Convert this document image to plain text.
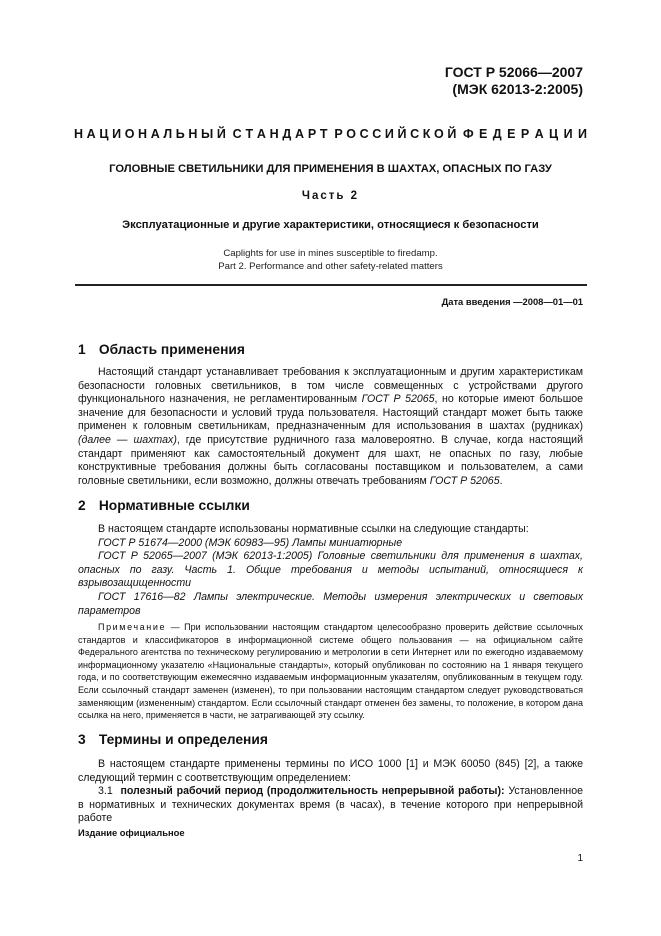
ГОСТ Р 52066—2007
(МЭК 62013-2:2005)
Н А Ц И О Н А Л Ь Н Ы Й С Т А Н Д А Р Т Р О С С И Й С К О Й Ф Е Д Е Р А Ц И И
ГОЛОВНЫЕ СВЕТИЛЬНИКИ ДЛЯ ПРИМЕНЕНИЯ В ШАХТАХ, ОПАСНЫХ ПО ГАЗУ
Часть 2
Эксплуатационные и другие характеристики, относящиеся к безопасности
Caplights for use in mines susceptible to firedamp.
Part 2. Performance and other safety-related matters
Дата введения —2008—01—01
1 Область применения

Настоящий стандарт устанавливает требования к эксплуатационным и другим характеристикам безопасности головных светильников, в том числе совмещенных с устройствами другого функционального назначения, не регламентированным ГОСТ Р 52065, но которые имеют большое значение для безопасности и условий труда пользователя. Настоящий стандарт может быть также применен к головным светильникам, предназначенным для использования в шахтах (рудниках) (далее — шахтах), где присутствие рудничного газа маловероятно. В случае, когда настоящий стандарт применяют как самостоятельный документ для шахт, не опасных по газу, любые конструктивные требования должны быть согласованы поставщиком и пользователем, а сами головные светильники, если возможно, должны отвечать требованиям ГОСТ Р 52065.

2 Нормативные ссылки

В настоящем стандарте использованы нормативные ссылки на следующие стандарты:

ГОСТ Р 51674—2000 (МЭК 60983—95) Лампы миниатюрные

ГОСТ Р 52065—2007 (МЭК 62013-1:2005) Головные светильники для применения в шахтах, опасных по газу. Часть 1. Общие требования и методы испытаний, относящиеся к взрывозащищенности

ГОСТ 17616—82 Лампы электрические. Методы измерения электрических и световых параметров

Примечание — При использовании настоящим стандартом целесообразно проверить действие ссылочных стандартов и классификаторов в информационной системе общего пользования — на официальном сайте Федерального агентства по техническому регулированию и метрологии в сети Интернет или по ежегодно издаваемому информационному указателю «Национальные стандарты», который опубликован по состоянию на 1 января текущего года, и по соответствующим ежемесячно издаваемым информационным указателям, опубликованным в текущем году. Если ссылочный стандарт заменен (изменен), то при пользовании настоящим стандартом следует руководствоваться заменяющим (измененным) стандартом. Если ссылочный стандарт отменен без замены, то положение, в котором дана ссылка на него, применяется в части, не затрагивающей эту ссылку.

3 Термины и определения

В настоящем стандарте применены термины по ИСО 1000 [1] и МЭК 60050 (845) [2], а также следующий термин с соответствующим определением:

3.1 полезный рабочий период (продолжительность непрерывной работы): Установленное в нормативных и технических документах время (в часах), в течение которого при непрерывной работе

Издание официальное
1
